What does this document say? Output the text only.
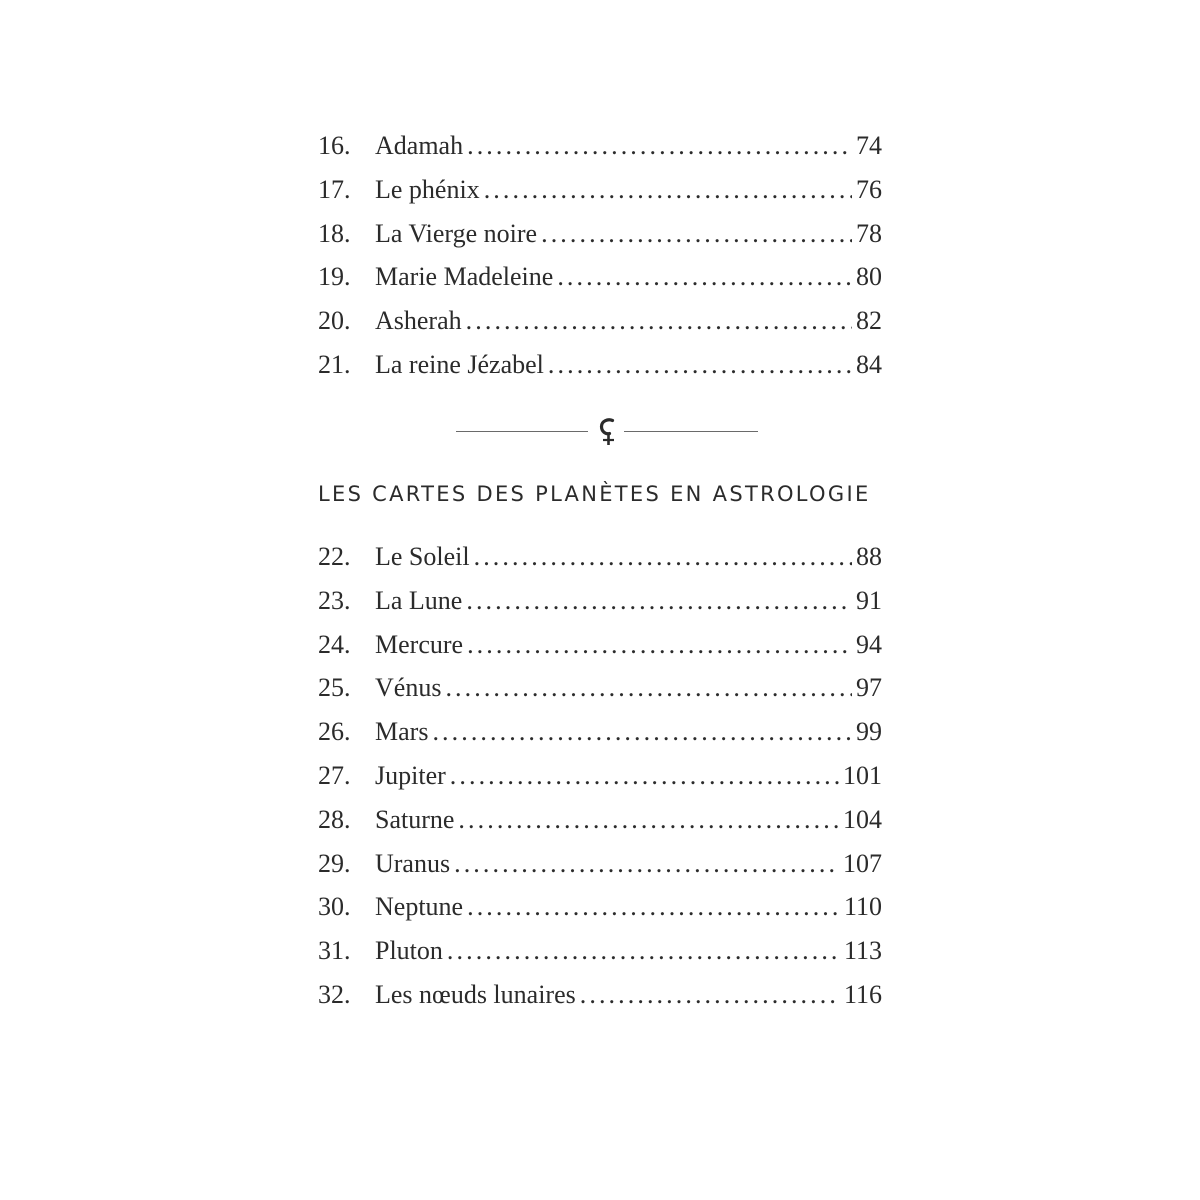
16. Adamah .....	74
17. Le phénix .....	76
18. La Vierge noire .....	78
19. Marie Madeleine .....	80
20. Asherah .....	82
21. La reine Jézabel .....	84
LES CARTES DES PLANÈTES EN ASTROLOGIE
22. Le Soleil .....	88
23. La Lune .....	91
24. Mercure .....	94
25. Vénus .....	97
26. Mars .....	99
27. Jupiter .....	101
28. Saturne .....	104
29. Uranus .....	107
30. Neptune .....	110
31. Pluton .....	113
32. Les nœuds lunaires .....	116
